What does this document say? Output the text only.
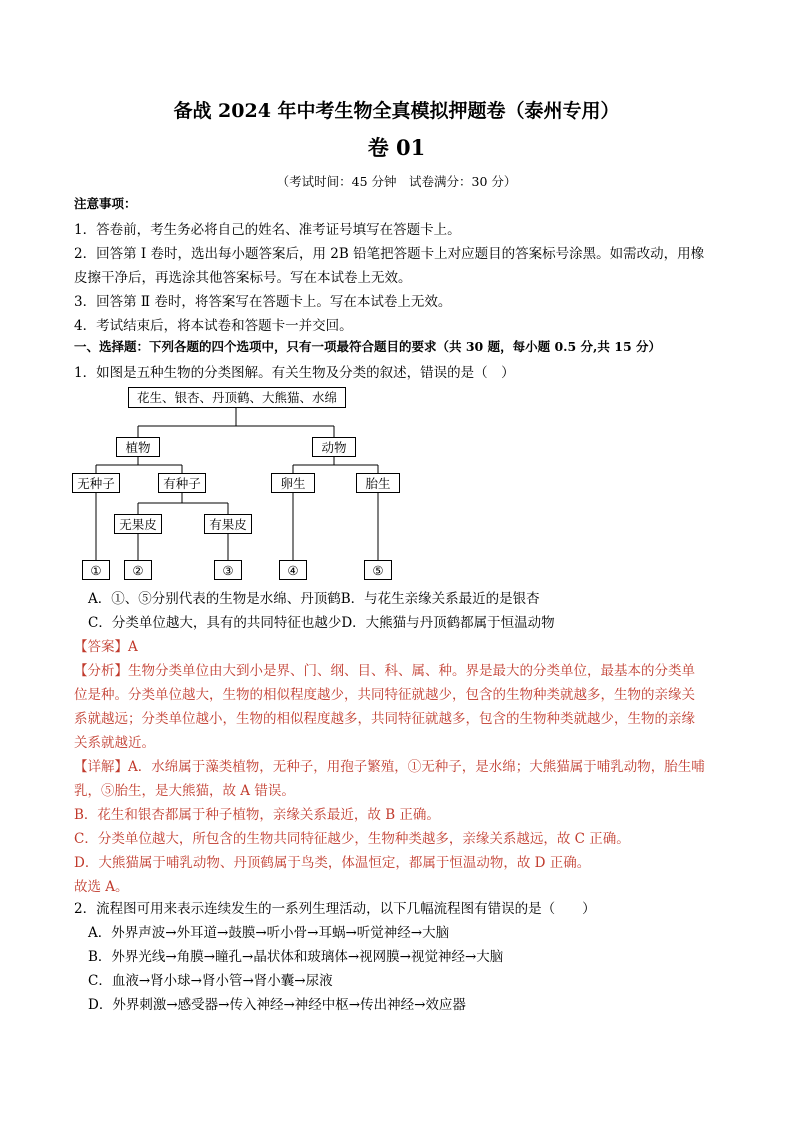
备战 2024 年中考生物全真模拟押题卷（泰州专用）
卷 01
（考试时间：45 分钟　试卷满分：30 分）
注意事项：
1．答卷前，考生务必将自己的姓名、准考证号填写在答题卡上。
2．回答第 Ⅰ 卷时，选出每小题答案后，用 2B 铅笔把答题卡上对应题目的答案标号涂黑。如需改动，用橡
皮擦干净后，再选涂其他答案标号。写在本试卷上无效。
3．回答第 Ⅱ 卷时，将答案写在答题卡上。写在本试卷上无效。
4．考试结束后，将本试卷和答题卡一并交回。
一、选择题：下列各题的四个选项中，只有一项最符合题目的要求（共 30 题，每小题 0.5 分,共 15 分）
1．如图是五种生物的分类图解。有关生物及分类的叙述，错误的是（　）
花生、银杏、丹顶鹤、大熊猫、水绵
植物	动物
无种子	有种子	卵生	胎生
无果皮	有果皮
①	②	③	④	⑤
A．①、⑤分别代表的生物是水绵、丹顶鹤B．与花生亲缘关系最近的是银杏
C．分类单位越大，具有的共同特征也越少D．大熊猫与丹顶鹤都属于恒温动物
【答案】A
【分析】生物分类单位由大到小是界、门、纲、目、科、属、种。界是最大的分类单位，最基本的分类单
位是种。分类单位越大，生物的相似程度越少，共同特征就越少，包含的生物种类就越多，生物的亲缘关
系就越远；分类单位越小，生物的相似程度越多，共同特征就越多，包含的生物种类就越少，生物的亲缘
关系就越近。
【详解】A．水绵属于藻类植物，无种子，用孢子繁殖，①无种子，是水绵；大熊猫属于哺乳动物，胎生哺
乳，⑤胎生，是大熊猫，故 A 错误。
B．花生和银杏都属于种子植物，亲缘关系最近，故 B 正确。
C．分类单位越大，所包含的生物共同特征越少，生物种类越多，亲缘关系越远，故 C 正确。
D．大熊猫属于哺乳动物、丹顶鹤属于鸟类，体温恒定，都属于恒温动物，故 D 正确。
故选 A。
2．流程图可用来表示连续发生的一系列生理活动，以下几幅流程图有错误的是（　　）
A．外界声波→外耳道→鼓膜→听小骨→耳蜗→听觉神经→大脑
B．外界光线→角膜→瞳孔→晶状体和玻璃体→视网膜→视觉神经→大脑
C．血液→肾小球→肾小管→肾小囊→尿液
D．外界刺激→感受器→传入神经→神经中枢→传出神经→效应器
